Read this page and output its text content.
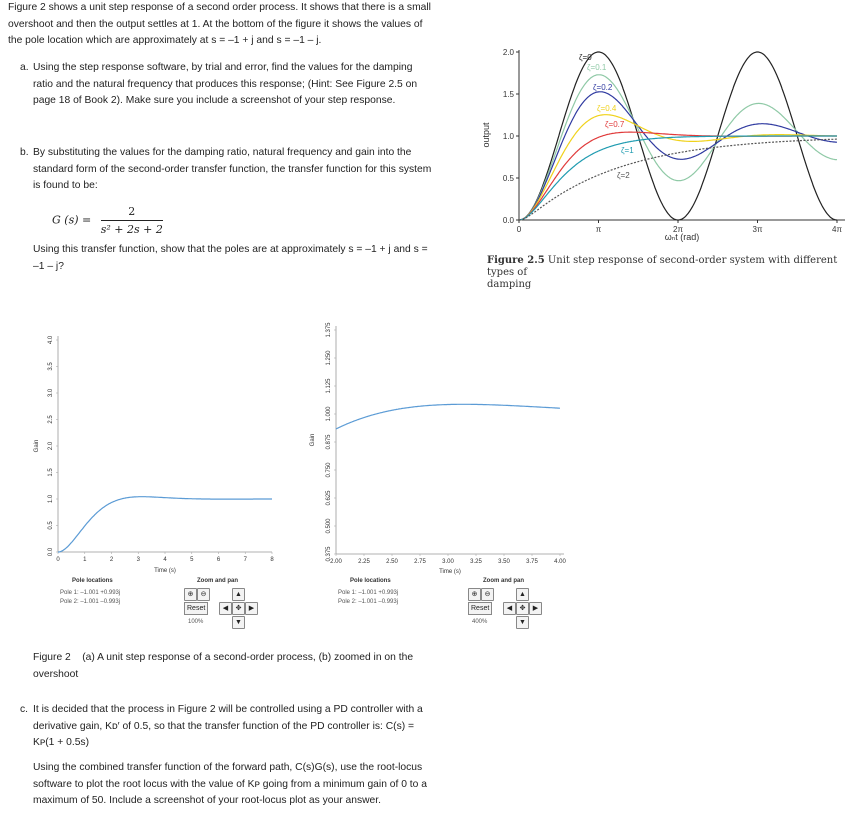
Figure 2 shows a unit step response of a second order process. It shows that there is a small
overshoot and then the output settles at 1. At the bottom of the figure it shows the values of
the pole location which are approximately at s = –1 + j and s = –1 – j.
a. Using the step response software, by trial and error, find the values for the damping
ratio and the natural frequency that produces this response; (Hint: See Figure 2.5 on
page 18 of Book 2). Make sure you include a screenshot of your step response.
b. By substituting the values for the damping ratio, natural frequency and gain into the
standard form of the second-order transfer function, the transfer function for this system
is found to be:
G $(s) = \frac{2}{\text{s² + 2s + 2}}$
Using this transfer function, show that the poles are at approximately s = –1 + j and s =
–1 – j?
0.0
0.5
1.0
1.5
2.0
0	π	2π	3π	4π
ζ=0
ζ=0.1
ζ=0.2
ζ=0.4
ζ=0.7
ζ=1
ζ=2
output
ωₙt (rad)
Figure 2.5 Unit step response of second-order system with different types of
damping
0.0
0.5
1.0
1.5
2.0
2.5
3.0
3.5
4.0
0	1	2	3	4	5	6	7	8
Gain
Time (s)
Pole locations
Pole 1: –1.001 +0.993j
Pole 2: –1.001 –0.993j
Zoom and pan
⊕	⊖	▲
Reset	◀	✥	▶
100%	▼
0.375
0.500
0.625
0.750
0.875
1.000
1.125
1.250
1.375
2.00	2.25	2.50	2.75	3.00	3.25	3.50	3.75	4.00
Gain
Time (s)
Pole locations
Pole 1: –1.001 +0.993j
Pole 2: –1.001 –0.993j
Zoom and pan
⊕	⊖	▲
Reset	◀	✥	▶
400%	▼
Figure 2 (a) A unit step response of a second-order process, (b) zoomed in on the
overshoot
c. It is decided that the process in Figure 2 will be controlled using a PD controller with a
derivative gain, Kᴅ′ of 0.5, so that the transfer function of the PD controller is: C(s) =
Kᴘ(1 + 0.5s)
Using the combined transfer function of the forward path, C(s)G(s), use the root-locus
software to plot the root locus with the value of Kᴘ going from a minimum gain of 0 to a
maximum of 50. Include a screenshot of your root-locus plot as your answer.
